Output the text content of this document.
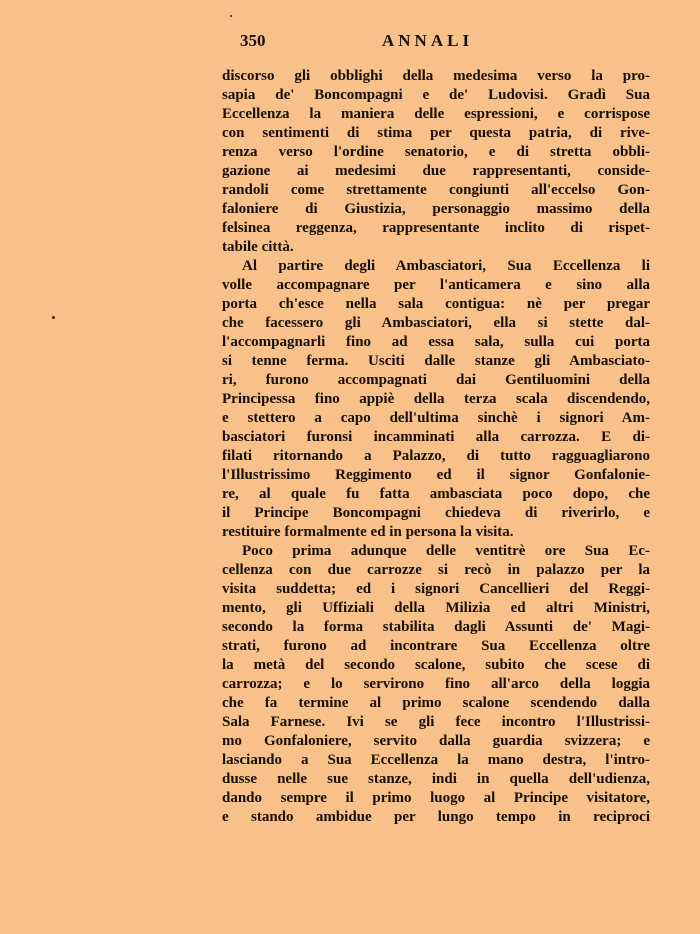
350	ANNALI
discorso gli obblighi della medesima verso la pro-
sapia de' Boncompagni e de' Ludovisi. Gradì Sua
Eccellenza la maniera delle espressioni, e corrispose
con sentimenti di stima per questa patria, di rive-
renza verso l'ordine senatorio, e di stretta obbli-
gazione ai medesimi due rappresentanti, conside-
randoli come strettamente congiunti all'eccelso Gon-
faloniere di Giustizia, personaggio massimo della
felsinea reggenza, rappresentante inclito di rispet-
tabile città.
Al partire degli Ambasciatori, Sua Eccellenza li
volle accompagnare per l'anticamera e sino alla
porta ch'esce nella sala contigua: nè per pregar
che facessero gli Ambasciatori, ella si stette dal-
l'accompagnarli fino ad essa sala, sulla cui porta
si tenne ferma. Usciti dalle stanze gli Ambasciato-
ri, furono accompagnati dai Gentiluomini della
Principessa fino appiè della terza scala discendendo,
e stettero a capo dell'ultima sinchè i signori Am-
basciatori furonsi incamminati alla carrozza. E di-
filati ritornando a Palazzo, di tutto ragguagliarono
l'Illustrissimo Reggimento ed il signor Gonfalonie-
re, al quale fu fatta ambasciata poco dopo, che
il Principe Boncompagni chiedeva di riverirlo, e
restituire formalmente ed in persona la visita.
Poco prima adunque delle ventitrè ore Sua Ec-
cellenza con due carrozze si recò in palazzo per la
visita suddetta; ed i signori Cancellieri del Reggi-
mento, gli Uffiziali della Milizia ed altri Ministri,
secondo la forma stabilita dagli Assunti de' Magi-
strati, furono ad incontrare Sua Eccellenza oltre
la metà del secondo scalone, subito che scese di
carrozza; e lo servirono fino all'arco della loggia
che fa termine al primo scalone scendendo dalla
Sala Farnese. Ivi se gli fece incontro l'Illustrissi-
mo Gonfaloniere, servito dalla guardia svizzera; e
lasciando a Sua Eccellenza la mano destra, l'intro-
dusse nelle sue stanze, indi in quella dell'udienza,
dando sempre il primo luogo al Principe visitatore,
e stando ambidue per lungo tempo in reciproci
